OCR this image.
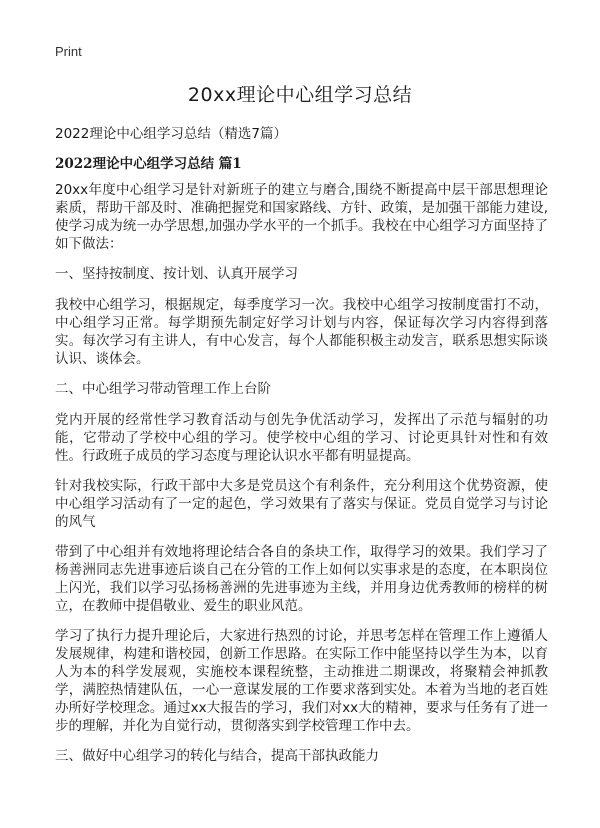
Print
20xx理论中心组学习总结

2022理论中心组学习总结（精选7篇）

2022理论中心组学习总结 篇1

20xx年度中心组学习是针对新班子的建立与磨合,围绕不断提高中层干部思想理论素质，帮助干部及时、准确把握党和国家路线、方针、政策，是加强干部能力建设,使学习成为统一办学思想,加强办学水平的一个抓手。我校在中心组学习方面坚持了如下做法：

一、坚持按制度、按计划、认真开展学习

我校中心组学习，根据规定，每季度学习一次。我校中心组学习按制度雷打不动，中心组学习正常。每学期预先制定好学习计划与内容，保证每次学习内容得到落实。每次学习有主讲人，有中心发言，每个人都能积极主动发言，联系思想实际谈认识、谈体会。

二、中心组学习带动管理工作上台阶

党内开展的经常性学习教育活动与创先争优活动学习，发挥出了示范与辐射的功能，它带动了学校中心组的学习。使学校中心组的学习、讨论更具针对性和有效性。行政班子成员的学习态度与理论认识水平都有明显提高。

针对我校实际，行政干部中大多是党员这个有利条件，充分利用这个优势资源，使中心组学习活动有了一定的起色，学习效果有了落实与保证。党员自觉学习与讨论的风气

带到了中心组并有效地将理论结合各自的条块工作，取得学习的效果。我们学习了杨善洲同志先进事迹后谈自己在分管的工作上如何以实事求是的态度，在本职岗位上闪光，我们以学习弘扬杨善洲的先进事迹为主线，并用身边优秀教师的榜样的树立，在教师中提倡敬业、爱生的职业风范。

学习了执行力提升理论后，大家进行热烈的讨论，并思考怎样在管理工作上遵循人发展规律，构建和谐校园，创新工作思路。在实际工作中能坚持以学生为本，以育人为本的科学发展观，实施校本课程统整，主动推进二期课改，将聚精会神抓教学，满腔热情建队伍，一心一意谋发展的工作要求落到实处。本着为当地的老百姓办所好学校理念。通过xx大报告的学习，我们对xx大的精神，要求与任务有了进一步的理解，并化为自觉行动，贯彻落实到学校管理工作中去。

三、做好中心组学习的转化与结合，提高干部执政能力
